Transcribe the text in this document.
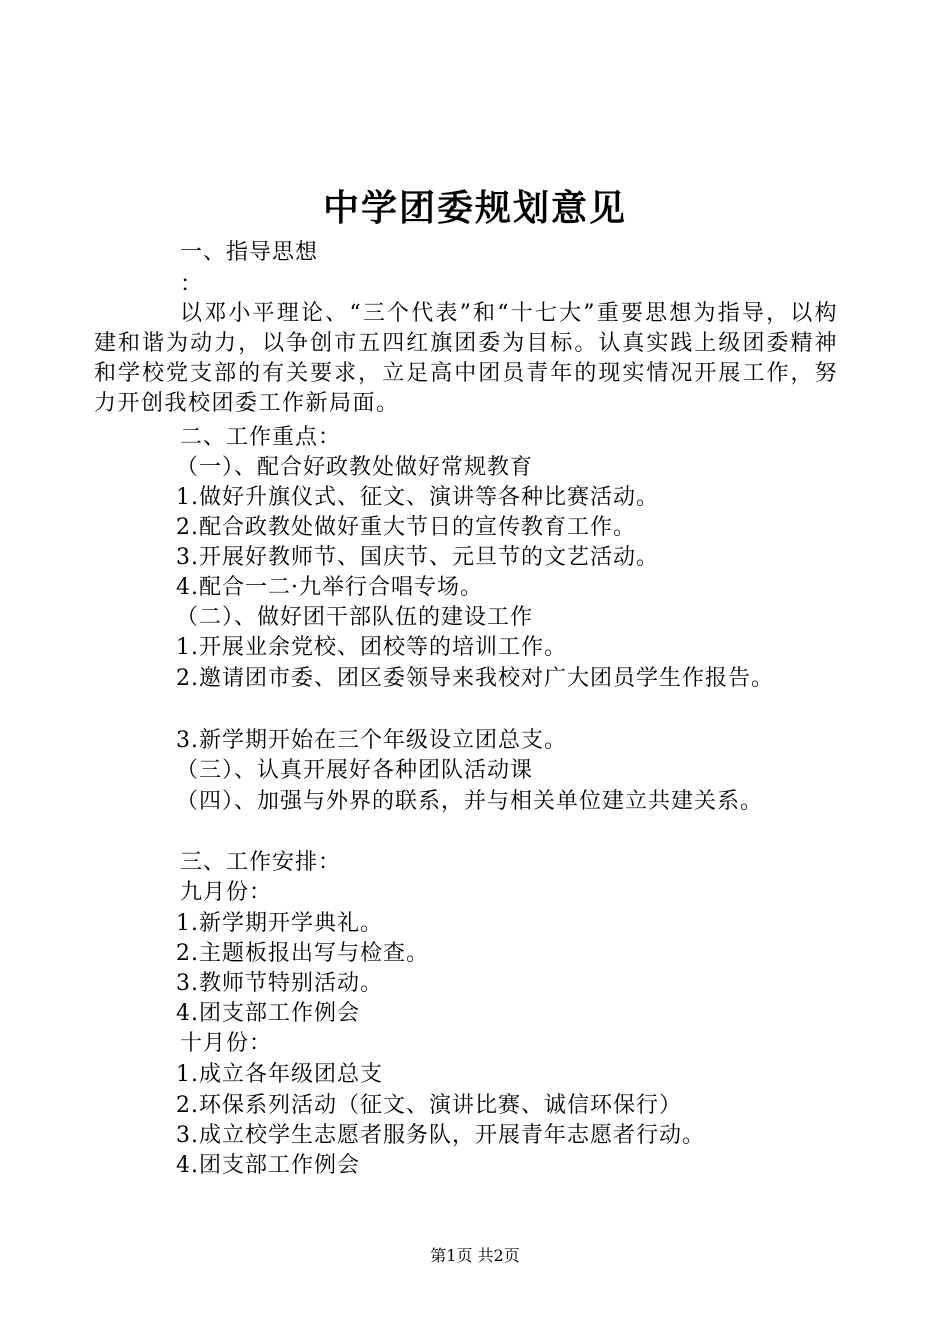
中学团委规划意见
一、指导思想
：
以邓小平理论、“三个代表”和“十七大”重要思想为指导，以构建和谐为动力，以争创市五四红旗团委为目标。认真实践上级团委精神和学校党支部的有关要求，立足高中团员青年的现实情况开展工作，努力开创我校团委工作新局面。
二、工作重点：
（一）、配合好政教处做好常规教育
1.做好升旗仪式、征文、演讲等各种比赛活动。
2.配合政教处做好重大节日的宣传教育工作。
3.开展好教师节、国庆节、元旦节的文艺活动。
4.配合一二·九举行合唱专场。
（二）、做好团干部队伍的建设工作
1.开展业余党校、团校等的培训工作。
2.邀请团市委、团区委领导来我校对广大团员学生作报告。
3.新学期开始在三个年级设立团总支。
（三）、认真开展好各种团队活动课
（四）、加强与外界的联系，并与相关单位建立共建关系。
三、工作安排：
九月份：
1.新学期开学典礼。
2.主题板报出写与检查。
3.教师节特别活动。
4.团支部工作例会
十月份：
1.成立各年级团总支
2.环保系列活动（征文、演讲比赛、诚信环保行）
3.成立校学生志愿者服务队，开展青年志愿者行动。
4.团支部工作例会
第1页 共2页
